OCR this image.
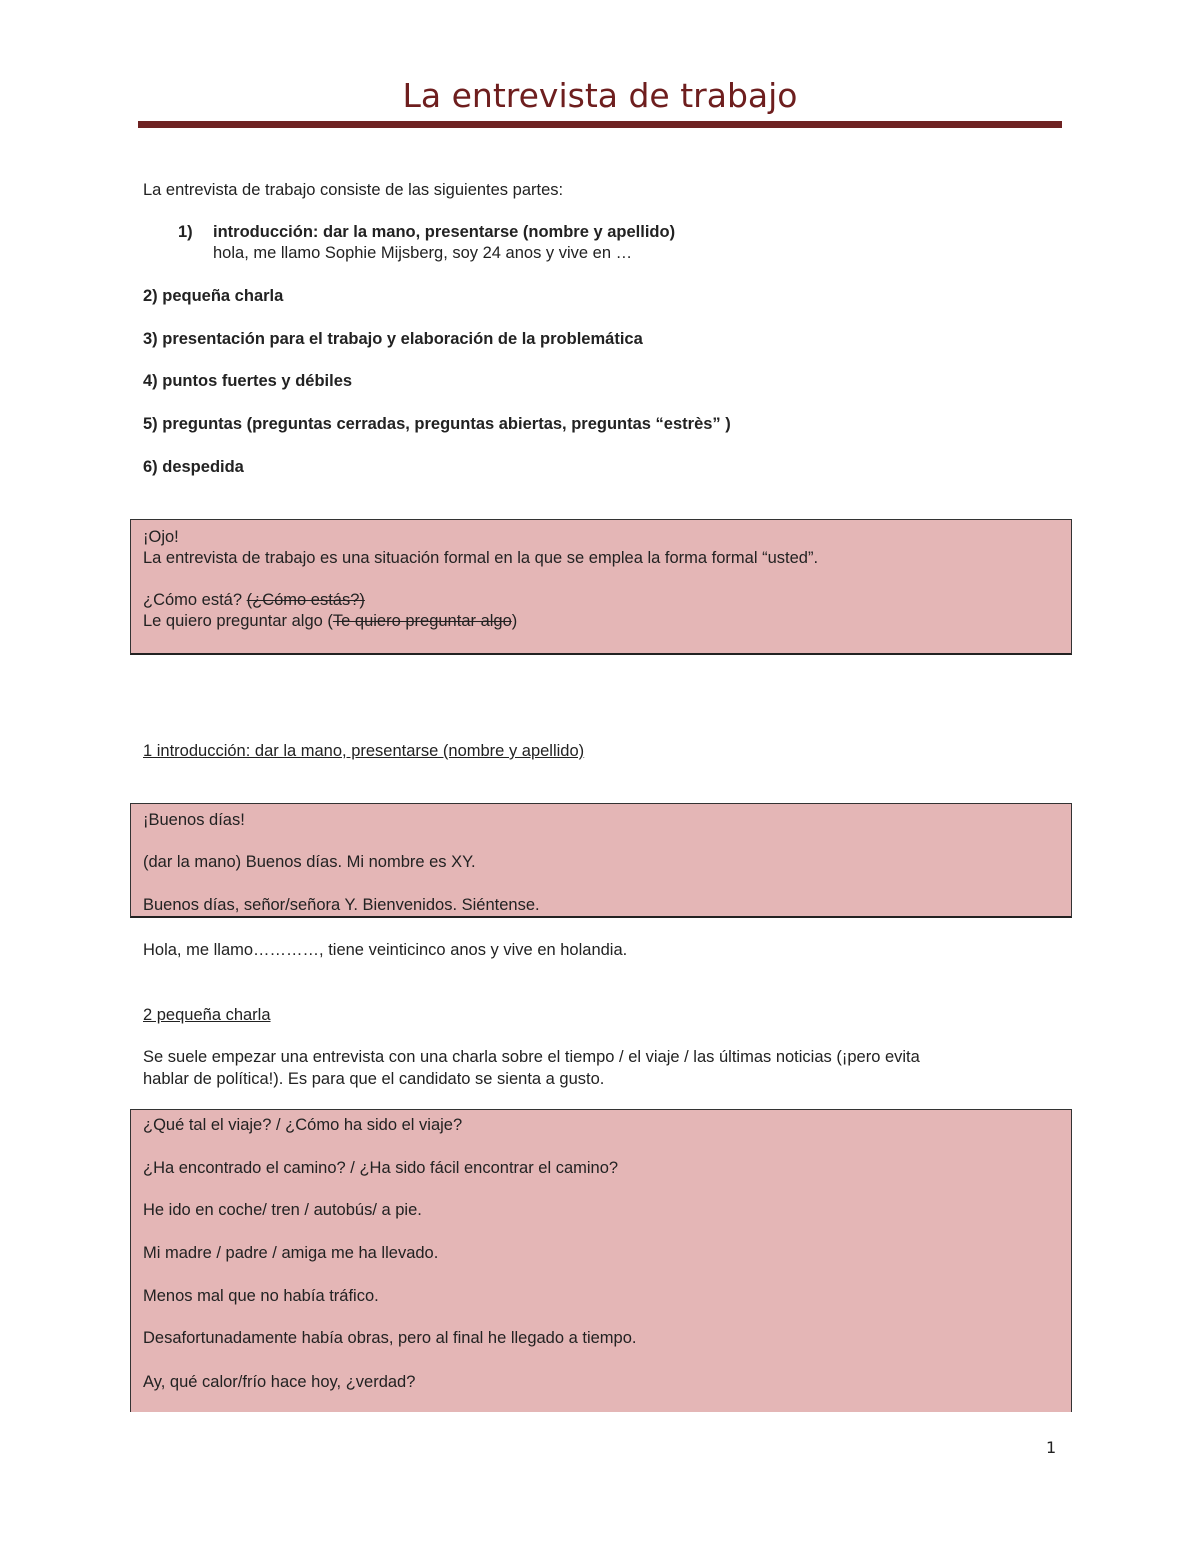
La entrevista de trabajo

La entrevista de trabajo consiste de las siguientes partes:

1) introducción: dar la mano, presentarse (nombre y apellido)

hola, me llamo Sophie Mijsberg, soy 24 anos y vive en …

2) pequeña charla

3) presentación para el trabajo y elaboración de la problemática

4) puntos fuertes y débiles

5) preguntas (preguntas cerradas, preguntas abiertas, preguntas “estrès” )

6) despedida

¡Ojo!

La entrevista de trabajo es una situación formal en la que se emplea la forma formal “usted”.

¿Cómo está? (¿Cómo estás?)

Le quiero preguntar algo (Te quiero preguntar algo)

1 introducción: dar la mano, presentarse (nombre y apellido)

¡Buenos días!

(dar la mano) Buenos días. Mi nombre es XY.

Buenos días, señor/señora Y. Bienvenidos. Siéntense.

Hola, me llamo…………, tiene veinticinco anos y vive en holandia.

2 pequeña charla

Se suele empezar una entrevista con una charla sobre el tiempo / el viaje / las últimas noticias (¡pero evita

hablar de política!). Es para que el candidato se sienta a gusto.

¿Qué tal el viaje? / ¿Cómo ha sido el viaje?

¿Ha encontrado el camino? / ¿Ha sido fácil encontrar el camino?

He ido en coche/ tren / autobús/ a pie.

Mi madre / padre / amiga me ha llevado.

Menos mal que no había tráfico.

Desafortunadamente había obras, pero al final he llegado a tiempo.

Ay, qué calor/frío hace hoy, ¿verdad?

1
